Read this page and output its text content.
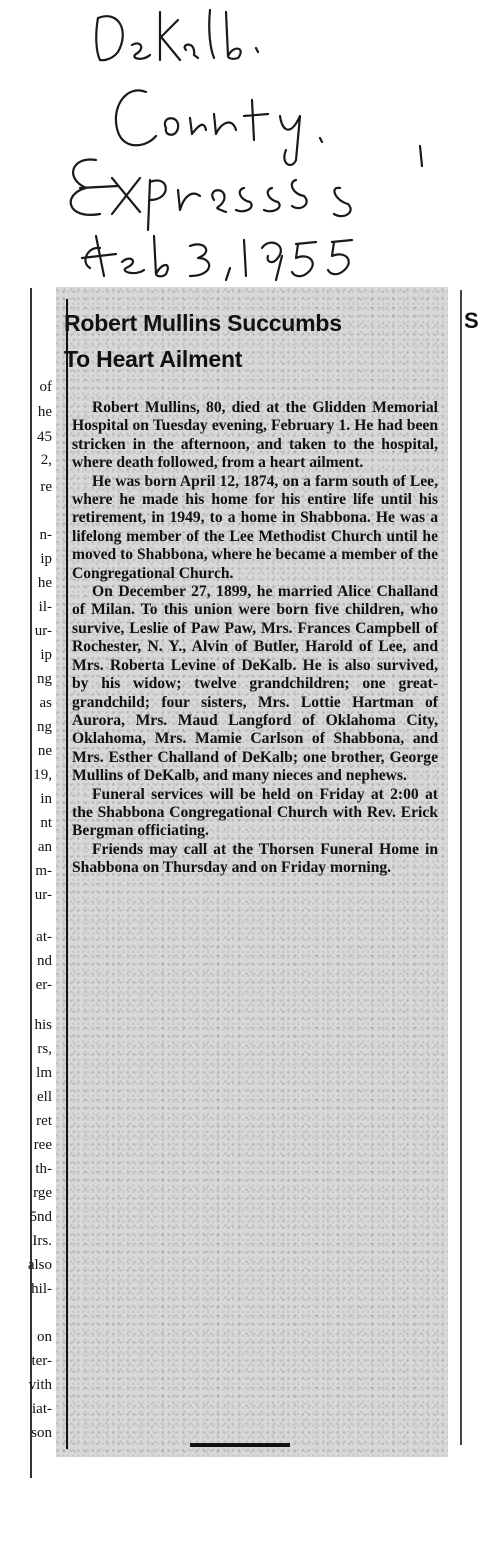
of
he
45
2,
re
n-
ip
he
il-
ur-
ip
ng
as
ng
ne
19,
in
nt
an
m-
ur-
at-
nd
er-
his
rs,
lm
ell
ret
ree
th-
rge
5nd
Irs.
also
hil-
on
ter-
vith
iat-
son
Robert Mullins Succumbs
To Heart Ailment

Robert Mullins, 80, died at the Glidden Memorial Hospital on Tuesday evening, February 1. He had been stricken in the afternoon, and taken to the hospital, where death followed, from a heart ailment.

He was born April 12, 1874, on a farm south of Lee, where he made his home for his entire life until his retirement, in 1949, to a home in Shabbona. He was a lifelong member of the Lee Methodist Church until he moved to Shabbona, where he became a member of the Congregational Church.

On December 27, 1899, he married Alice Challand of Milan. To this union were born five children, who survive, Leslie of Paw Paw, Mrs. Frances Campbell of Rochester, N. Y., Alvin of Butler, Harold of Lee, and Mrs. Roberta Levine of DeKalb. He is also survived, by his widow; twelve grandchildren; one great-grandchild; four sisters, Mrs. Lottie Hartman of Aurora, Mrs. Maud Langford of Oklahoma City, Oklahoma, Mrs. Mamie Carlson of Shabbona, and Mrs. Esther Challand of DeKalb; one brother, George Mullins of DeKalb, and many nieces and nephews.

Funeral services will be held on Friday at 2:00 at the Shabbona Congregational Church with Rev. Erick Bergman officiating.

Friends may call at the Thorsen Funeral Home in Shabbona on Thursday and on Friday morning.

S
